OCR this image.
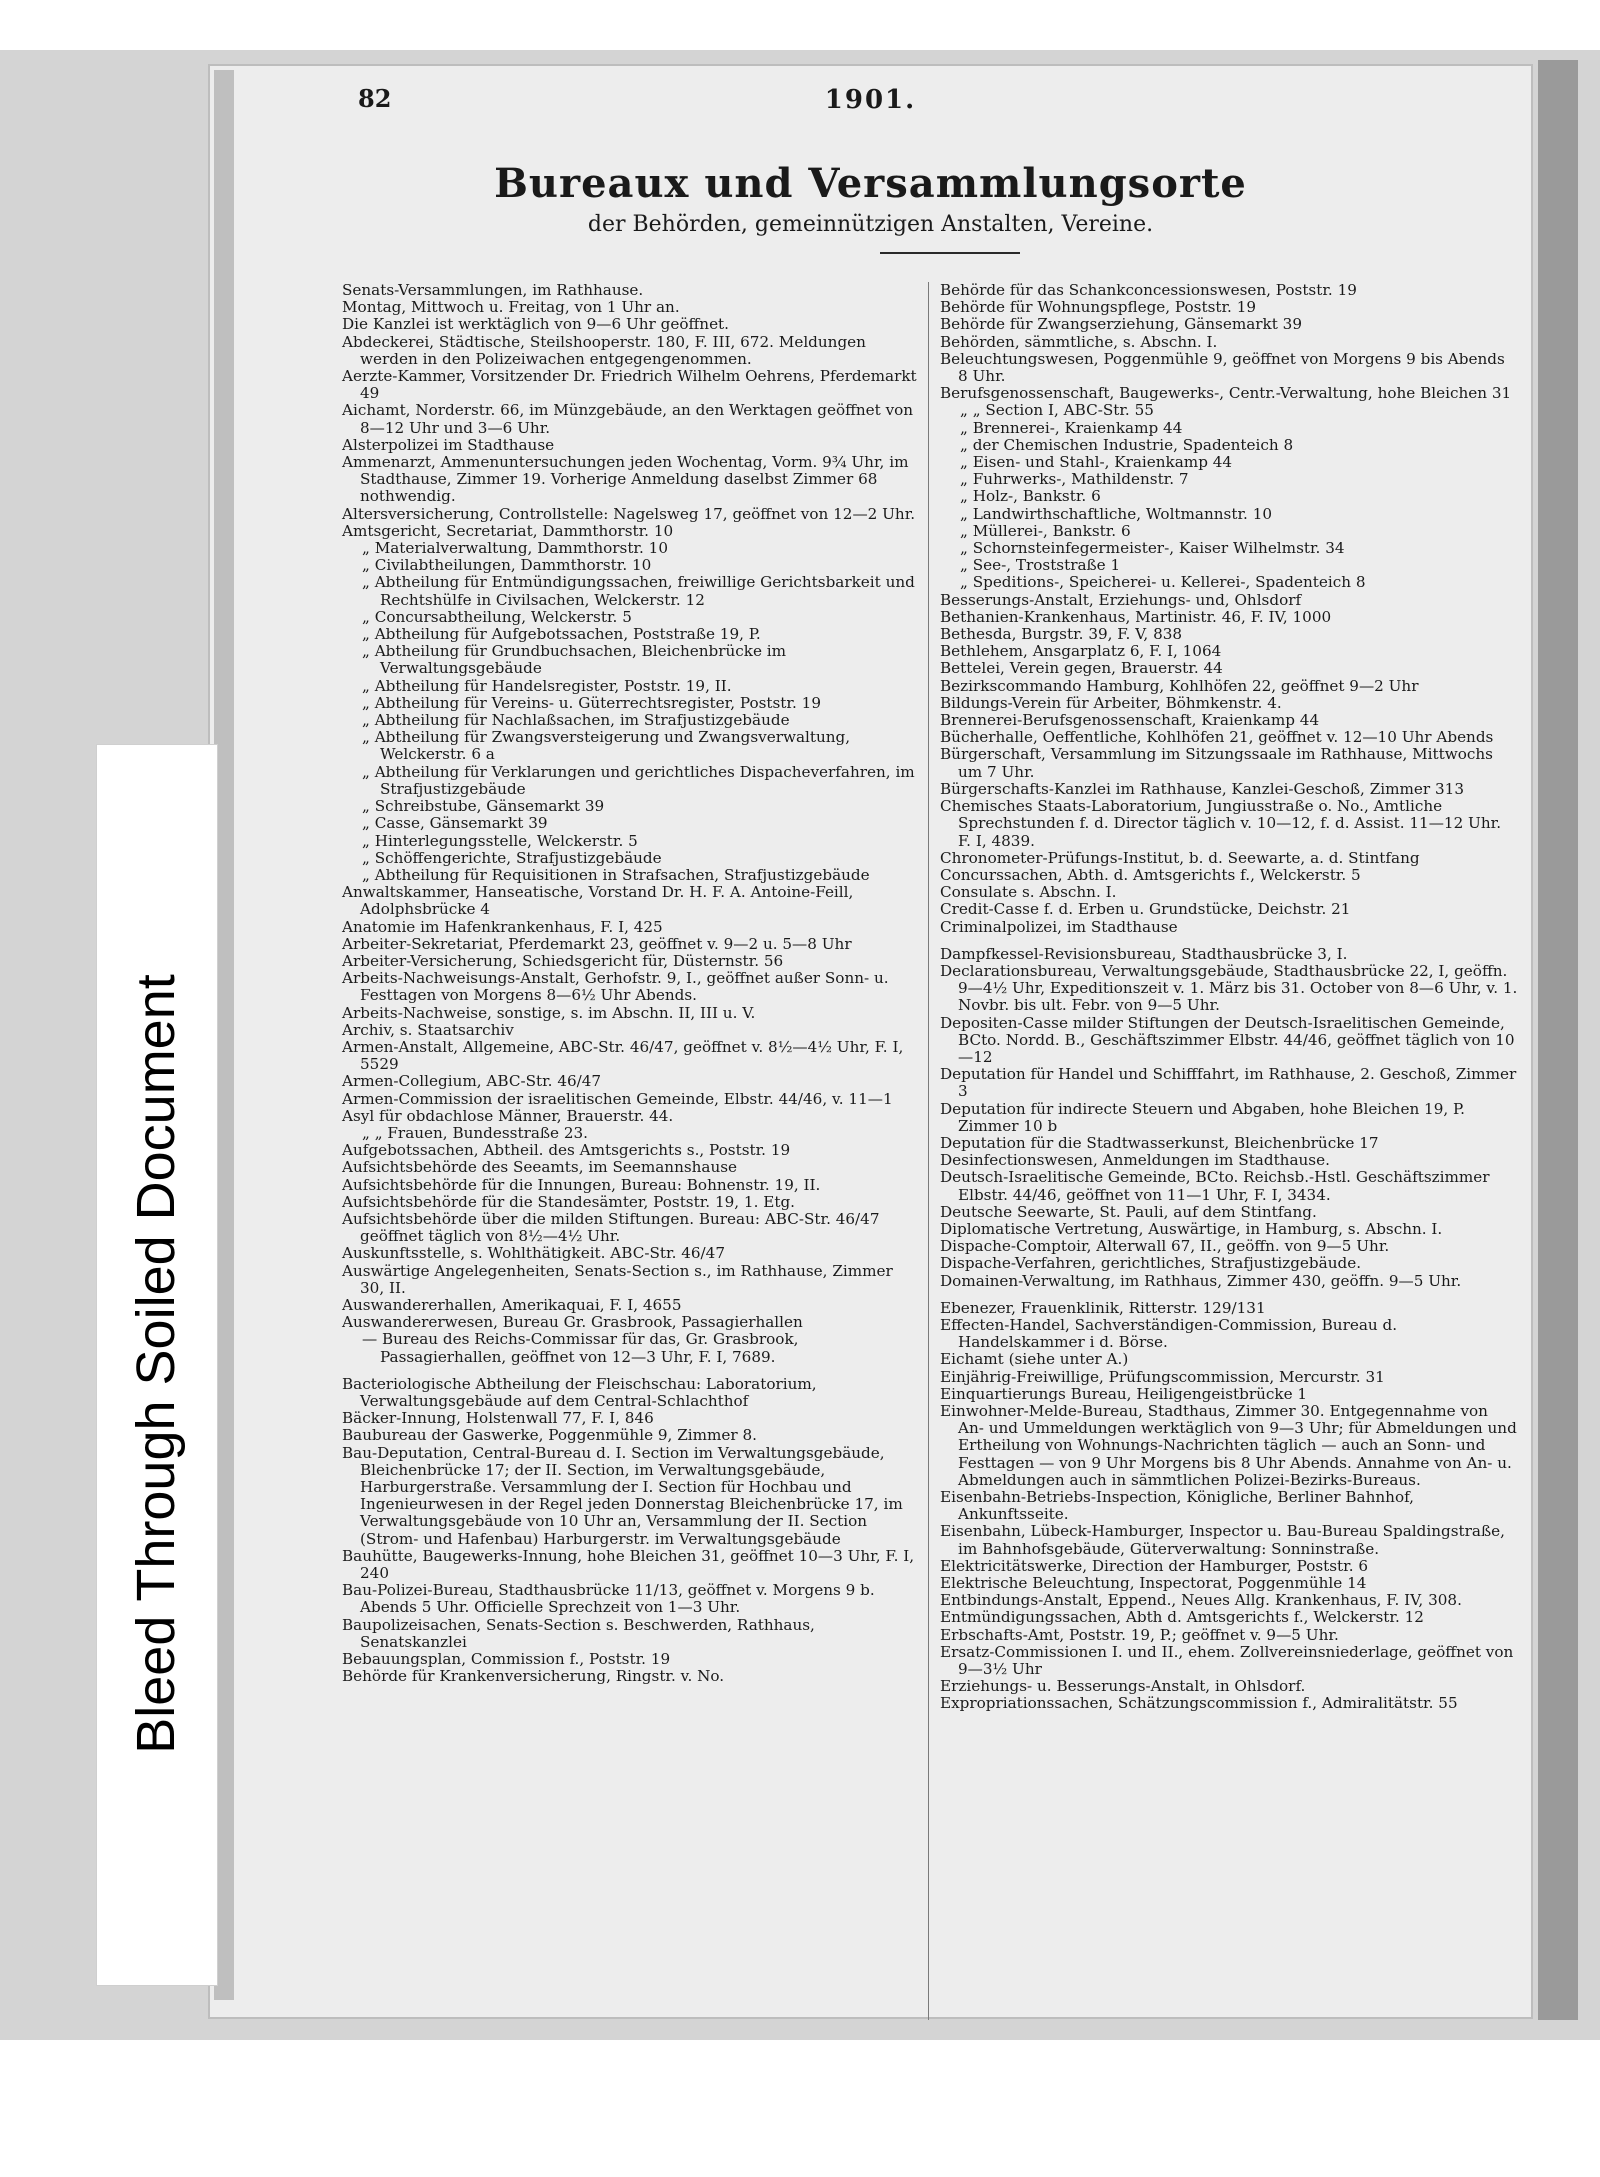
Bleed Through Soiled Document
82	1901.
Bureaux und Versammlungsorte
der Behörden, gemeinnützigen Anstalten, Vereine.
Senats-Versammlungen, im Rathhause.
Montag, Mittwoch u. Freitag, von 1 Uhr an.
Die Kanzlei ist werktäglich von 9—6 Uhr geöffnet.
Abdeckerei, Städtische, Steilshooperstr. 180, F. III, 672. Meldungen werden in den Polizeiwachen entgegengenommen.
Aerzte-Kammer, Vorsitzender Dr. Friedrich Wilhelm Oehrens, Pferdemarkt 49
Aichamt, Norderstr. 66, im Münzgebäude, an den Werktagen geöffnet von 8—12 Uhr und 3—6 Uhr.
Alsterpolizei im Stadthause
Ammenarzt, Ammenuntersuchungen jeden Wochentag, Vorm. 9¾ Uhr, im Stadthause, Zimmer 19. Vorherige Anmeldung daselbst Zimmer 68 nothwendig.
Altersversicherung, Controllstelle: Nagelsweg 17, geöffnet von 12—2 Uhr.
Amtsgericht, Secretariat, Dammthorstr. 10
„ Materialverwaltung, Dammthorstr. 10
„ Civilabtheilungen, Dammthorstr. 10
„ Abtheilung für Entmündigungssachen, freiwillige Gerichtsbarkeit und Rechtshülfe in Civilsachen, Welckerstr. 12
„ Concursabtheilung, Welckerstr. 5
„ Abtheilung für Aufgebotssachen, Poststraße 19, P.
„ Abtheilung für Grundbuchsachen, Bleichenbrücke im Verwaltungsgebäude
„ Abtheilung für Handelsregister, Poststr. 19, II.
„ Abtheilung für Vereins- u. Güterrechtsregister, Poststr. 19
„ Abtheilung für Nachlaßsachen, im Strafjustizgebäude
„ Abtheilung für Zwangsversteigerung und Zwangsverwaltung, Welckerstr. 6 a
„ Abtheilung für Verklarungen und gerichtliches Dispacheverfahren, im Strafjustizgebäude
„ Schreibstube, Gänsemarkt 39
„ Casse, Gänsemarkt 39
„ Hinterlegungsstelle, Welckerstr. 5
„ Schöffengerichte, Strafjustizgebäude
„ Abtheilung für Requisitionen in Strafsachen, Strafjustizgebäude
Anwaltskammer, Hanseatische, Vorstand Dr. H. F. A. Antoine-Feill, Adolphsbrücke 4
Anatomie im Hafenkrankenhaus, F. I, 425
Arbeiter-Sekretariat, Pferdemarkt 23, geöffnet v. 9—2 u. 5—8 Uhr
Arbeiter-Versicherung, Schiedsgericht für, Düsternstr. 56
Arbeits-Nachweisungs-Anstalt, Gerhofstr. 9, I., geöffnet außer Sonn- u. Festtagen von Morgens 8—6½ Uhr Abends.
Arbeits-Nachweise, sonstige, s. im Abschn. II, III u. V.
Archiv, s. Staatsarchiv
Armen-Anstalt, Allgemeine, ABC-Str. 46/47, geöffnet v. 8½—4½ Uhr, F. I, 5529
Armen-Collegium, ABC-Str. 46/47
Armen-Commission der israelitischen Gemeinde, Elbstr. 44/46, v. 11—1
Asyl für obdachlose Männer, Brauerstr. 44.
„ „ Frauen, Bundesstraße 23.
Aufgebotssachen, Abtheil. des Amtsgerichts s., Poststr. 19
Aufsichtsbehörde des Seeamts, im Seemannshause
Aufsichtsbehörde für die Innungen, Bureau: Bohnenstr. 19, II.
Aufsichtsbehörde für die Standesämter, Poststr. 19, 1. Etg.
Aufsichtsbehörde über die milden Stiftungen. Bureau: ABC-Str. 46/47 geöffnet täglich von 8½—4½ Uhr.
Auskunftsstelle, s. Wohlthätigkeit. ABC-Str. 46/47
Auswärtige Angelegenheiten, Senats-Section s., im Rathhause, Zimmer 30, II.
Auswandererhallen, Amerikaquai, F. I, 4655
Auswandererwesen, Bureau Gr. Grasbrook, Passagierhallen
— Bureau des Reichs-Commissar für das, Gr. Grasbrook, Passagierhallen, geöffnet von 12—3 Uhr, F. I, 7689.
Bacteriologische Abtheilung der Fleischschau: Laboratorium, Verwaltungsgebäude auf dem Central-Schlachthof
Bäcker-Innung, Holstenwall 77, F. I, 846
Baubureau der Gaswerke, Poggenmühle 9, Zimmer 8.
Bau-Deputation, Central-Bureau d. I. Section im Verwaltungsgebäude, Bleichenbrücke 17; der II. Section, im Verwaltungsgebäude, Harburgerstraße. Versammlung der I. Section für Hochbau und Ingenieurwesen in der Regel jeden Donnerstag Bleichenbrücke 17, im Verwaltungsgebäude von 10 Uhr an, Versammlung der II. Section (Strom- und Hafenbau) Harburgerstr. im Verwaltungsgebäude
Bauhütte, Baugewerks-Innung, hohe Bleichen 31, geöffnet 10—3 Uhr, F. I, 240
Bau-Polizei-Bureau, Stadthausbrücke 11/13, geöffnet v. Morgens 9 b. Abends 5 Uhr. Officielle Sprechzeit von 1—3 Uhr.
Baupolizeisachen, Senats-Section s. Beschwerden, Rathhaus, Senatskanzlei
Bebauungsplan, Commission f., Poststr. 19
Behörde für Krankenversicherung, Ringstr. v. No.
Behörde für das Schankconcessionswesen, Poststr. 19
Behörde für Wohnungspflege, Poststr. 19
Behörde für Zwangserziehung, Gänsemarkt 39
Behörden, sämmtliche, s. Abschn. I.
Beleuchtungswesen, Poggenmühle 9, geöffnet von Morgens 9 bis Abends 8 Uhr.
Berufsgenossenschaft, Baugewerks-, Centr.-Verwaltung, hohe Bleichen 31
„ „ Section I, ABC-Str. 55
„ Brennerei-, Kraienkamp 44
„ der Chemischen Industrie, Spadenteich 8
„ Eisen- und Stahl-, Kraienkamp 44
„ Fuhrwerks-, Mathildenstr. 7
„ Holz-, Bankstr. 6
„ Landwirthschaftliche, Woltmannstr. 10
„ Müllerei-, Bankstr. 6
„ Schornsteinfegermeister-, Kaiser Wilhelmstr. 34
„ See-, Troststraße 1
„ Speditions-, Speicherei- u. Kellerei-, Spadenteich 8
Besserungs-Anstalt, Erziehungs- und, Ohlsdorf
Bethanien-Krankenhaus, Martinistr. 46, F. IV, 1000
Bethesda, Burgstr. 39, F. V, 838
Bethlehem, Ansgarplatz 6, F. I, 1064
Bettelei, Verein gegen, Brauerstr. 44
Bezirkscommando Hamburg, Kohlhöfen 22, geöffnet 9—2 Uhr
Bildungs-Verein für Arbeiter, Böhmkenstr. 4.
Brennerei-Berufsgenossenschaft, Kraienkamp 44
Bücherhalle, Oeffentliche, Kohlhöfen 21, geöffnet v. 12—10 Uhr Abends
Bürgerschaft, Versammlung im Sitzungssaale im Rathhause, Mittwochs um 7 Uhr.
Bürgerschafts-Kanzlei im Rathhause, Kanzlei-Geschoß, Zimmer 313
Chemisches Staats-Laboratorium, Jungiusstraße o. No., Amtliche Sprechstunden f. d. Director täglich v. 10—12, f. d. Assist. 11—12 Uhr. F. I, 4839.
Chronometer-Prüfungs-Institut, b. d. Seewarte, a. d. Stintfang
Concurssachen, Abth. d. Amtsgerichts f., Welckerstr. 5
Consulate s. Abschn. I.
Credit-Casse f. d. Erben u. Grundstücke, Deichstr. 21
Criminalpolizei, im Stadthause
Dampfkessel-Revisionsbureau, Stadthausbrücke 3, I.
Declarationsbureau, Verwaltungsgebäude, Stadthausbrücke 22, I, geöffn. 9—4½ Uhr, Expeditionszeit v. 1. März bis 31. October von 8—6 Uhr, v. 1. Novbr. bis ult. Febr. von 9—5 Uhr.
Depositen-Casse milder Stiftungen der Deutsch-Israelitischen Gemeinde, BCto. Nordd. B., Geschäftszimmer Elbstr. 44/46, geöffnet täglich von 10—12
Deputation für Handel und Schifffahrt, im Rathhause, 2. Geschoß, Zimmer 3
Deputation für indirecte Steuern und Abgaben, hohe Bleichen 19, P. Zimmer 10 b
Deputation für die Stadtwasserkunst, Bleichenbrücke 17
Desinfectionswesen, Anmeldungen im Stadthause.
Deutsch-Israelitische Gemeinde, BCto. Reichsb.-Hstl. Geschäftszimmer Elbstr. 44/46, geöffnet von 11—1 Uhr, F. I, 3434.
Deutsche Seewarte, St. Pauli, auf dem Stintfang.
Diplomatische Vertretung, Auswärtige, in Hamburg, s. Abschn. I.
Dispache-Comptoir, Alterwall 67, II., geöffn. von 9—5 Uhr.
Dispache-Verfahren, gerichtliches, Strafjustizgebäude.
Domainen-Verwaltung, im Rathhaus, Zimmer 430, geöffn. 9—5 Uhr.
Ebenezer, Frauenklinik, Ritterstr. 129/131
Effecten-Handel, Sachverständigen-Commission, Bureau d. Handelskammer i d. Börse.
Eichamt (siehe unter A.)
Einjährig-Freiwillige, Prüfungscommission, Mercurstr. 31
Einquartierungs Bureau, Heiligengeistbrücke 1
Einwohner-Melde-Bureau, Stadthaus, Zimmer 30. Entgegennahme von An- und Ummeldungen werktäglich von 9—3 Uhr; für Abmeldungen und Ertheilung von Wohnungs-Nachrichten täglich — auch an Sonn- und Festtagen — von 9 Uhr Morgens bis 8 Uhr Abends. Annahme von An- u. Abmeldungen auch in sämmtlichen Polizei-Bezirks-Bureaus.
Eisenbahn-Betriebs-Inspection, Königliche, Berliner Bahnhof, Ankunftsseite.
Eisenbahn, Lübeck-Hamburger, Inspector u. Bau-Bureau Spaldingstraße, im Bahnhofsgebäude, Güterverwaltung: Sonninstraße.
Elektricitätswerke, Direction der Hamburger, Poststr. 6
Elektrische Beleuchtung, Inspectorat, Poggenmühle 14
Entbindungs-Anstalt, Eppend., Neues Allg. Krankenhaus, F. IV, 308.
Entmündigungssachen, Abth d. Amtsgerichts f., Welckerstr. 12
Erbschafts-Amt, Poststr. 19, P.; geöffnet v. 9—5 Uhr.
Ersatz-Commissionen I. und II., ehem. Zollvereinsniederlage, geöffnet von 9—3½ Uhr
Erziehungs- u. Besserungs-Anstalt, in Ohlsdorf.
Expropriationssachen, Schätzungscommission f., Admiralitätstr. 55
